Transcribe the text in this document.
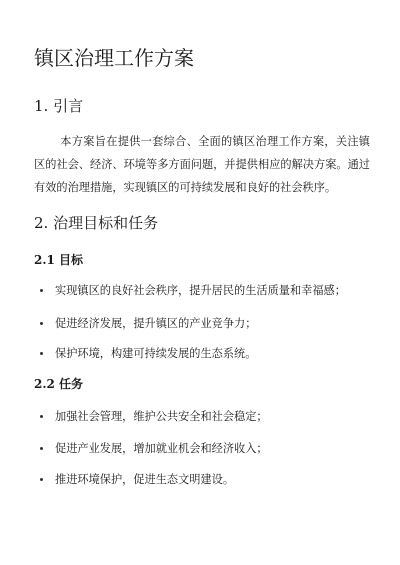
镇区治理工作方案
1. 引言
本方案旨在提供一套综合、全面的镇区治理工作方案，关注镇区的社会、经济、环境等多方面问题，并提供相应的解决方案。通过有效的治理措施，实现镇区的可持续发展和良好的社会秩序。
2. 治理目标和任务
2.1 目标
实现镇区的良好社会秩序，提升居民的生活质量和幸福感；
促进经济发展，提升镇区的产业竞争力；
保护环境，构建可持续发展的生态系统。
2.2 任务
加强社会管理，维护公共安全和社会稳定；
促进产业发展，增加就业机会和经济收入；
推进环境保护，促进生态文明建设。
